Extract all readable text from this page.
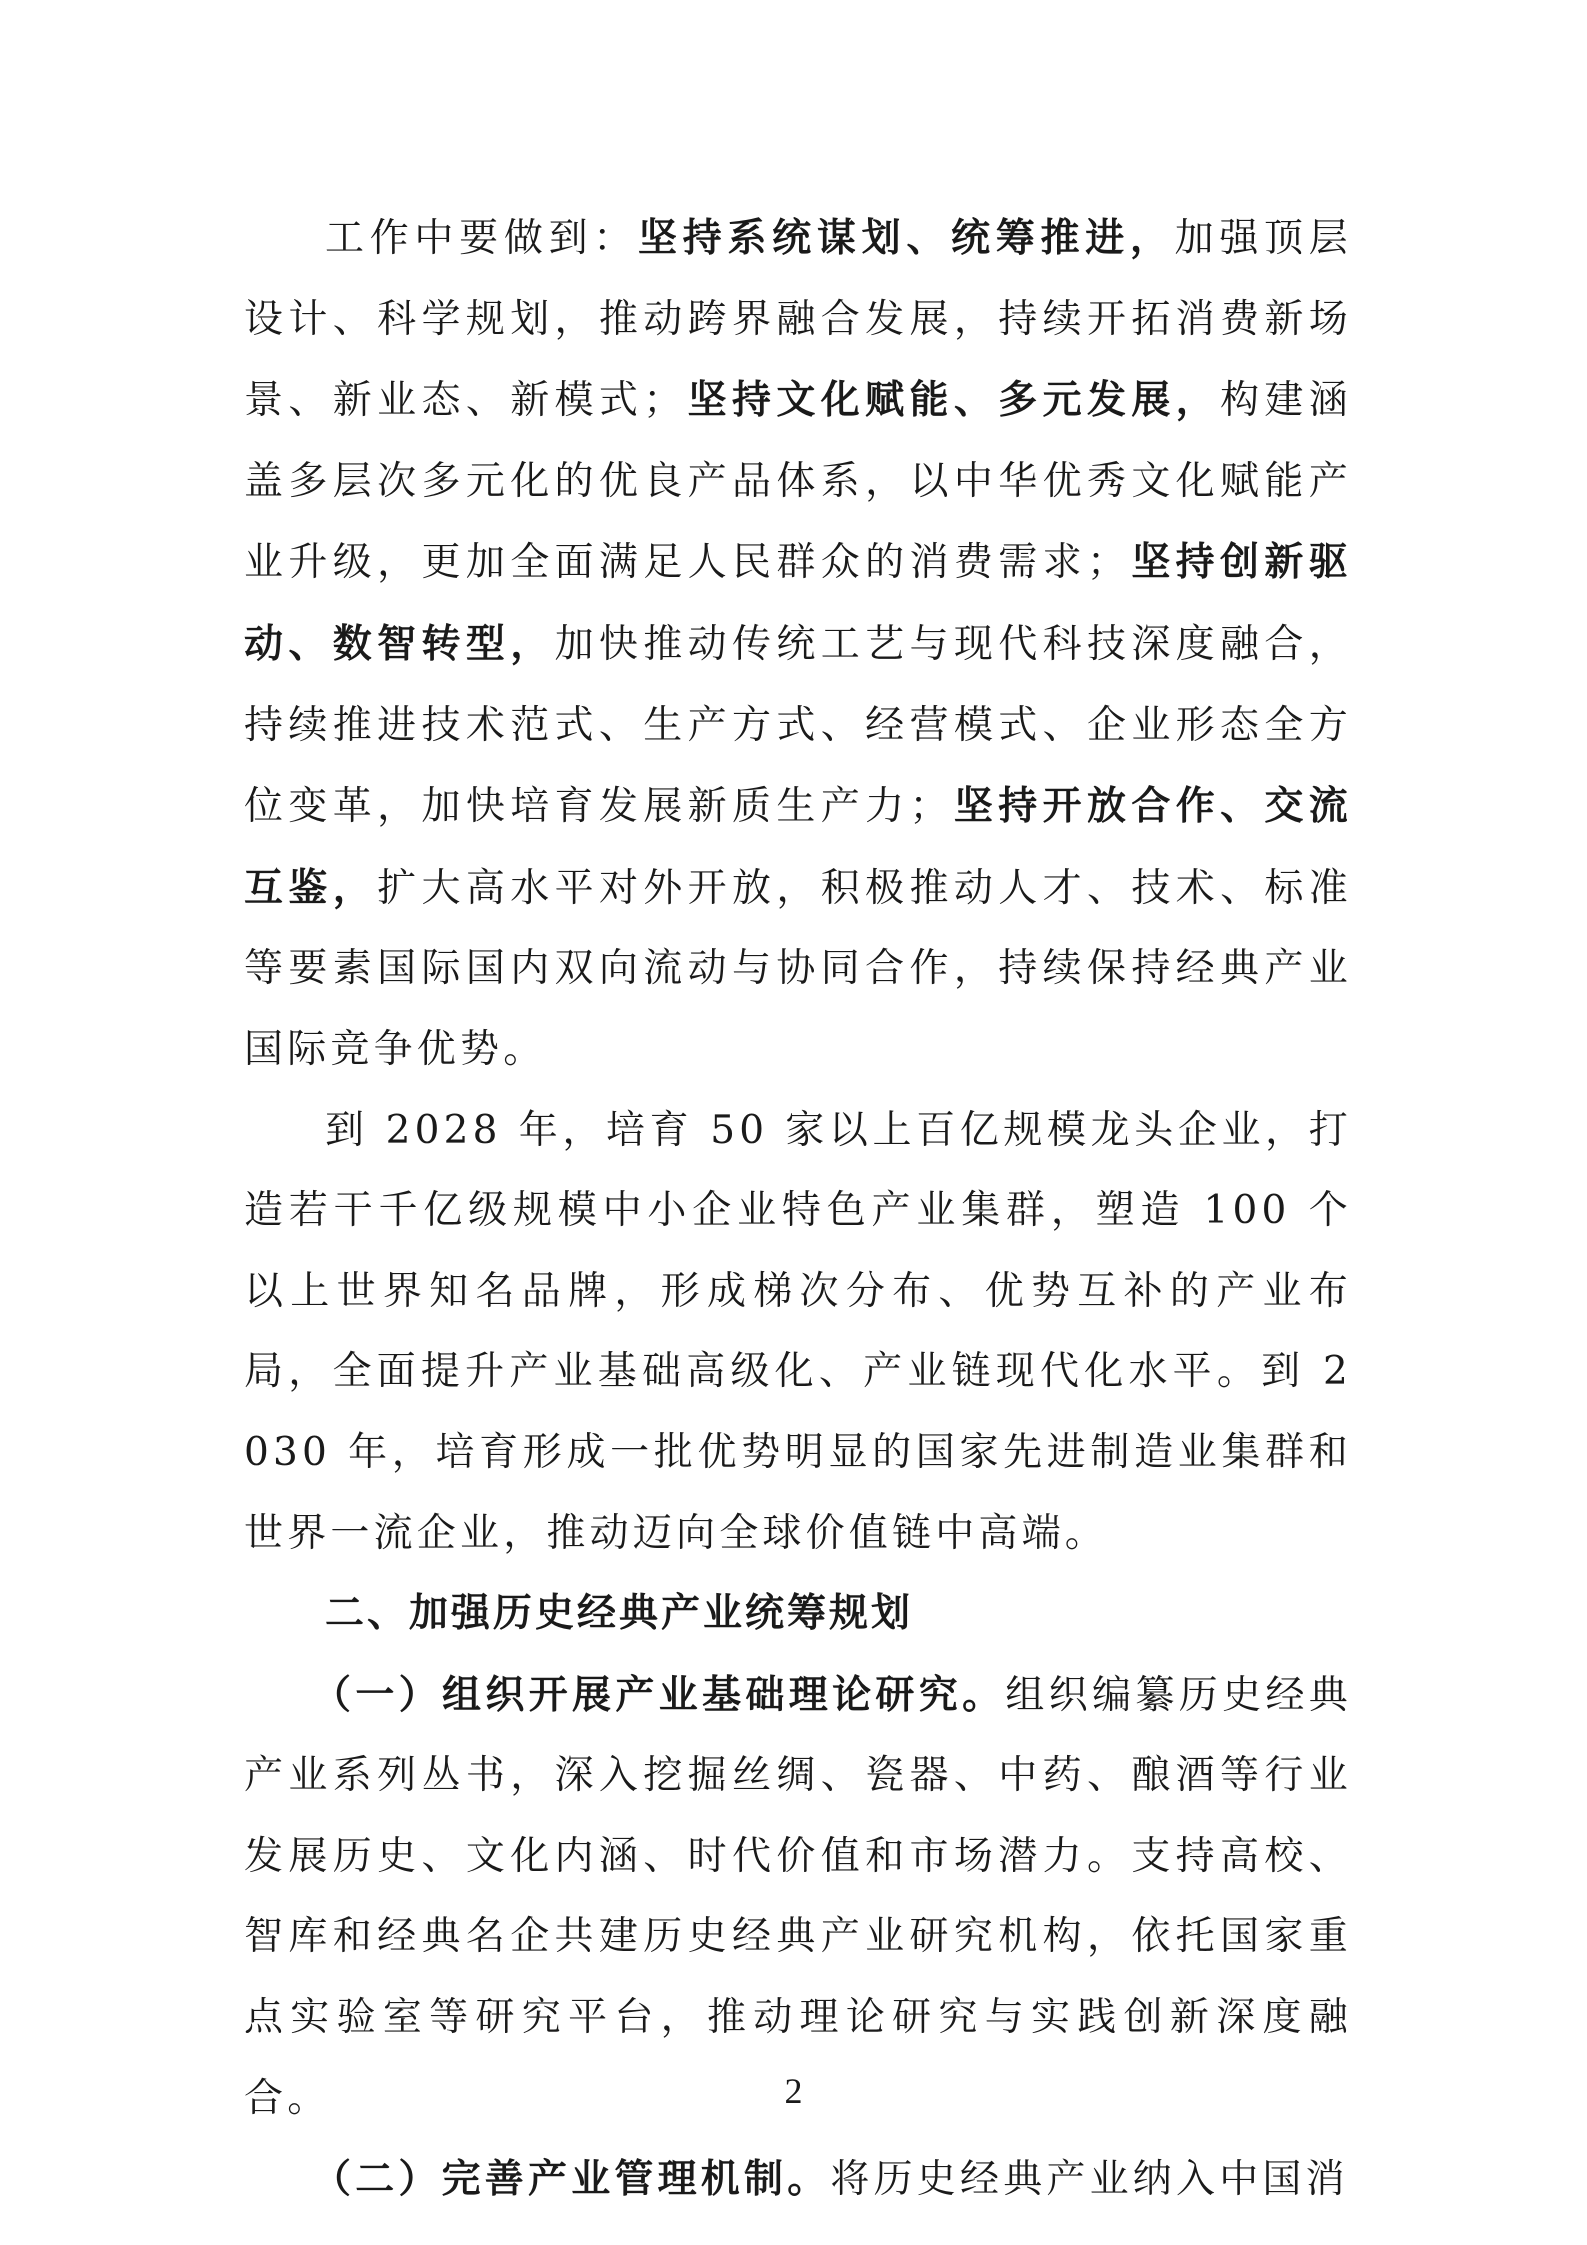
工作中要做到：坚持系统谋划、统筹推进，加强顶层设计、科学规划，推动跨界融合发展，持续开拓消费新场景、新业态、新模式；坚持文化赋能、多元发展，构建涵盖多层次多元化的优良产品体系，以中华优秀文化赋能产业升级，更加全面满足人民群众的消费需求；坚持创新驱动、数智转型，加快推动传统工艺与现代科技深度融合，持续推进技术范式、生产方式、经营模式、企业形态全方位变革，加快培育发展新质生产力；坚持开放合作、交流互鉴，扩大高水平对外开放，积极推动人才、技术、标准等要素国际国内双向流动与协同合作，持续保持经典产业国际竞争优势。

到 2028 年，培育 50 家以上百亿规模龙头企业，打造若干千亿级规模中小企业特色产业集群，塑造 100 个以上世界知名品牌，形成梯次分布、优势互补的产业布局，全面提升产业基础高级化、产业链现代化水平。到 2030 年，培育形成一批优势明显的国家先进制造业集群和世界一流企业，推动迈向全球价值链中高端。

二、加强历史经典产业统筹规划

（一）组织开展产业基础理论研究。组织编纂历史经典产业系列丛书，深入挖掘丝绸、瓷器、中药、酿酒等行业发展历史、文化内涵、时代价值和市场潜力。支持高校、智库和经典名企共建历史经典产业研究机构，依托国家重点实验室等研究平台，推动理论研究与实践创新深度融合。

（二）完善产业管理机制。将历史经典产业纳入中国消

2
